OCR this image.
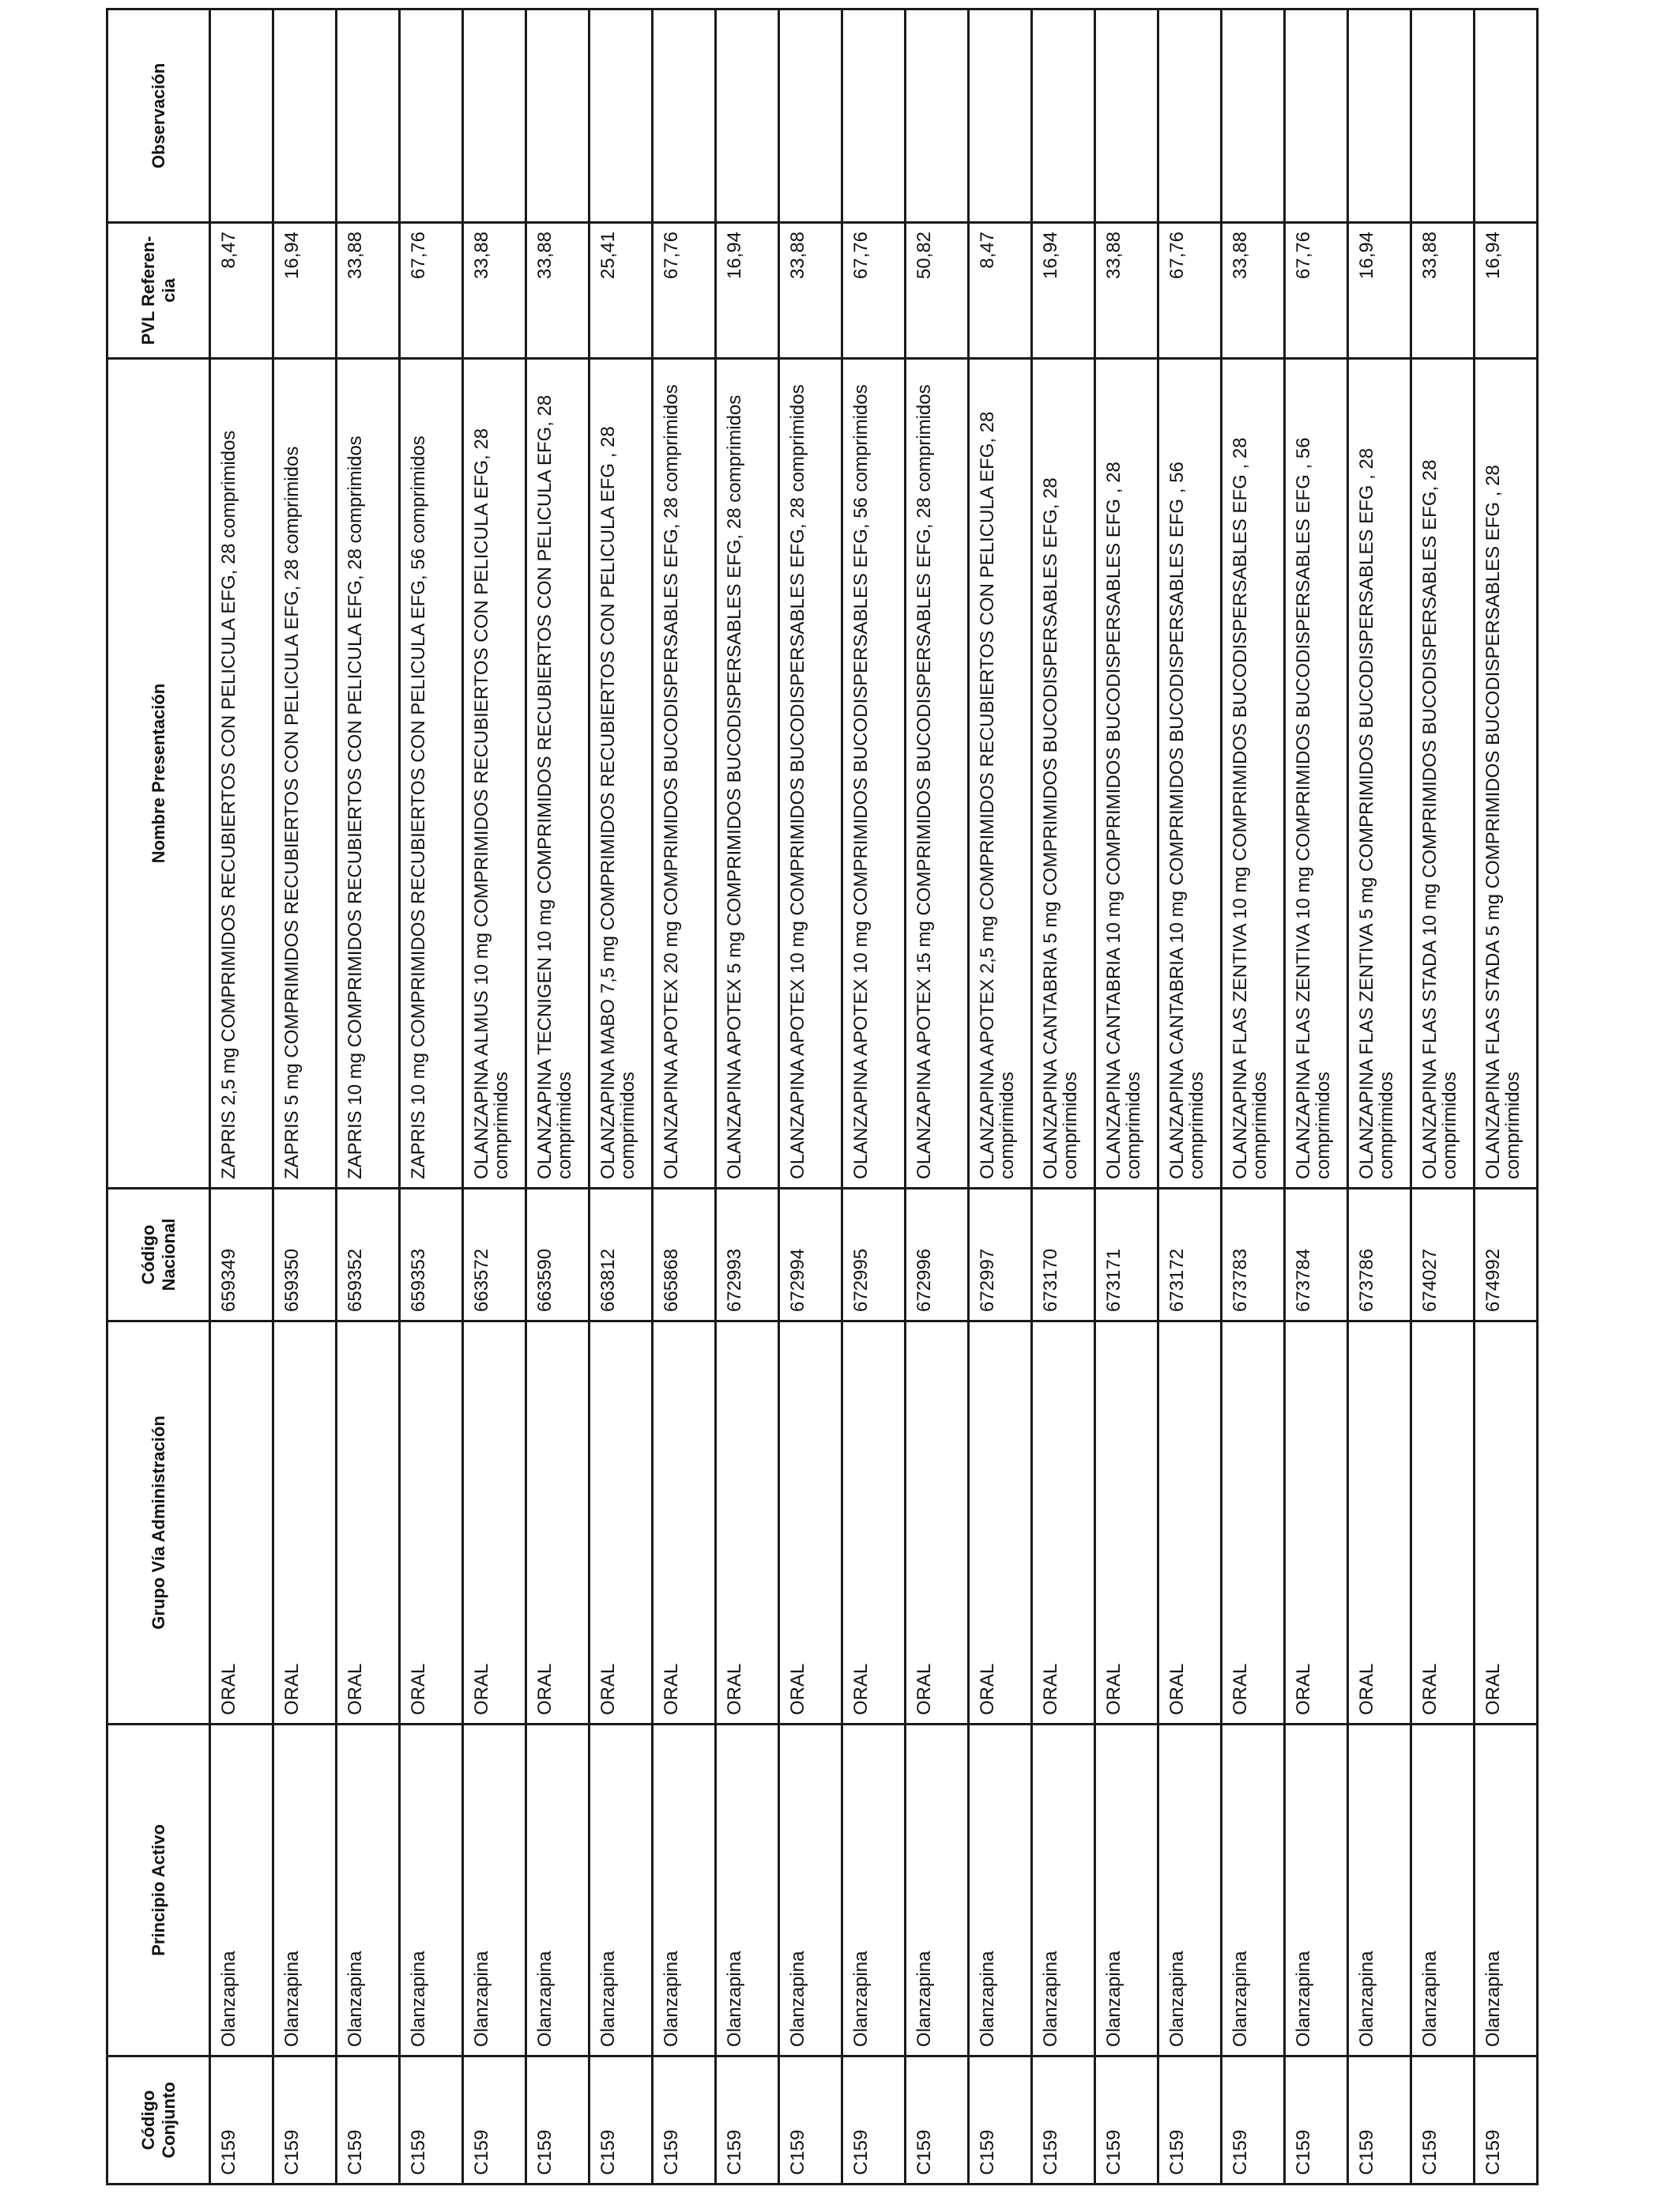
Código Conjunto	Principio Activo	Grupo Vía Administración	Código Nacional	Nombre Presentación	PVL Referen-cia	Observación
C159	Olanzapina	ORAL	659349	ZAPRIS 2,5 mg COMPRIMIDOS RECUBIERTOS CON PELICULA EFG, 28 comprimidos	8,47	
C159	Olanzapina	ORAL	659350	ZAPRIS 5 mg COMPRIMIDOS RECUBIERTOS CON PELICULA EFG, 28 comprimidos	16,94	
C159	Olanzapina	ORAL	659352	ZAPRIS 10 mg COMPRIMIDOS RECUBIERTOS CON PELICULA EFG, 28 comprimidos	33,88	
C159	Olanzapina	ORAL	659353	ZAPRIS 10 mg COMPRIMIDOS RECUBIERTOS CON PELICULA EFG, 56 comprimidos	67,76	
C159	Olanzapina	ORAL	663572	OLANZAPINA ALMUS 10 mg COMPRIMIDOS RECUBIERTOS CON PELICULA EFG, 28 comprimidos	33,88	
C159	Olanzapina	ORAL	663590	OLANZAPINA TECNIGEN 10 mg COMPRIMIDOS RECUBIERTOS CON PELICULA EFG, 28 comprimidos	33,88	
C159	Olanzapina	ORAL	663812	OLANZAPINA MABO 7,5 mg COMPRIMIDOS RECUBIERTOS CON PELICULA EFG , 28 comprimidos	25,41	
C159	Olanzapina	ORAL	665868	OLANZAPINA APOTEX 20 mg COMPRIMIDOS BUCODISPERSABLES EFG, 28 comprimidos	67,76	
C159	Olanzapina	ORAL	672993	OLANZAPINA APOTEX 5 mg COMPRIMIDOS BUCODISPERSABLES EFG, 28 comprimidos	16,94	
C159	Olanzapina	ORAL	672994	OLANZAPINA APOTEX 10 mg COMPRIMIDOS BUCODISPERSABLES EFG, 28 comprimidos	33,88	
C159	Olanzapina	ORAL	672995	OLANZAPINA APOTEX 10 mg COMPRIMIDOS BUCODISPERSABLES EFG, 56 comprimidos	67,76	
C159	Olanzapina	ORAL	672996	OLANZAPINA APOTEX 15 mg COMPRIMIDOS BUCODISPERSABLES EFG, 28 comprimidos	50,82	
C159	Olanzapina	ORAL	672997	OLANZAPINA APOTEX 2,5 mg COMPRIMIDOS RECUBIERTOS CON PELICULA EFG, 28 comprimidos	8,47	
C159	Olanzapina	ORAL	673170	OLANZAPINA CANTABRIA 5 mg COMPRIMIDOS BUCODISPERSABLES EFG, 28 comprimidos	16,94	
C159	Olanzapina	ORAL	673171	OLANZAPINA CANTABRIA 10 mg COMPRIMIDOS BUCODISPERSABLES EFG , 28 comprimidos	33,88	
C159	Olanzapina	ORAL	673172	OLANZAPINA CANTABRIA 10 mg COMPRIMIDOS BUCODISPERSABLES EFG , 56 comprimidos	67,76	
C159	Olanzapina	ORAL	673783	OLANZAPINA FLAS ZENTIVA 10 mg COMPRIMIDOS BUCODISPERSABLES EFG , 28 comprimidos	33,88	
C159	Olanzapina	ORAL	673784	OLANZAPINA FLAS ZENTIVA 10 mg COMPRIMIDOS BUCODISPERSABLES EFG , 56 comprimidos	67,76	
C159	Olanzapina	ORAL	673786	OLANZAPINA FLAS ZENTIVA 5 mg COMPRIMIDOS BUCODISPERSABLES EFG , 28 comprimidos	16,94	
C159	Olanzapina	ORAL	674027	OLANZAPINA FLAS STADA 10 mg COMPRIMIDOS BUCODISPERSABLES EFG, 28 comprimidos	33,88	
C159	Olanzapina	ORAL	674992	OLANZAPINA FLAS STADA 5 mg COMPRIMIDOS BUCODISPERSABLES EFG , 28 comprimidos	16,94	
